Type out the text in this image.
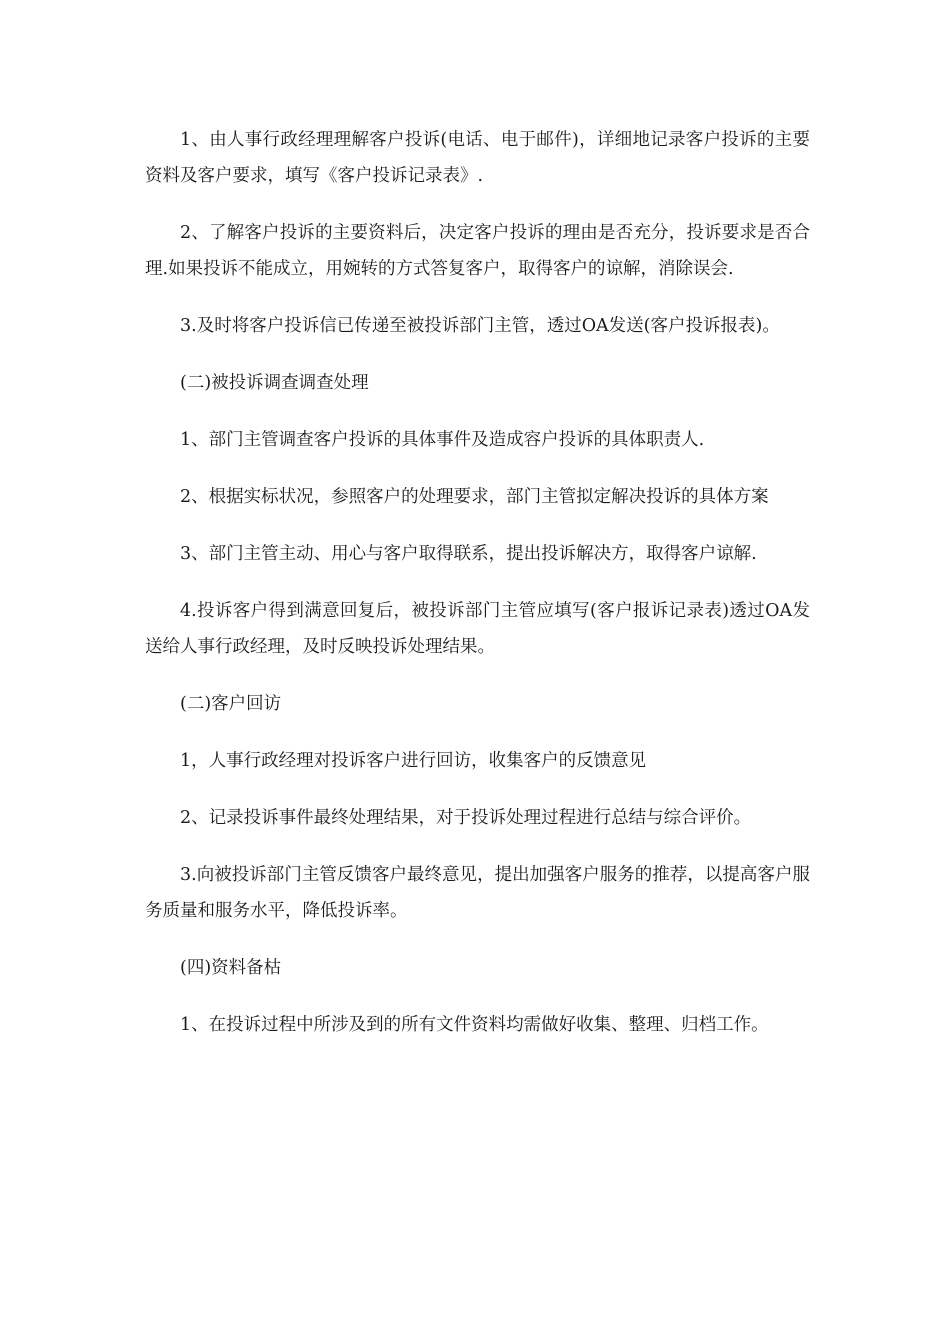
1、由人事行政经理理解客户投诉(电话、电于邮件)，详细地记录客户投诉的主要资料及客户要求，填写《客户投诉记录表》.

2、了解客户投诉的主要资料后，决定客户投诉的理由是否充分，投诉要求是否合理.如果投诉不能成立，用婉转的方式答复客户，取得客户的谅解，消除误会.

3.及时将客户投诉信已传递至被投诉部门主管，透过OA发送(客户投诉报表)。

(二)被投诉调查调查处理

1、部门主管调查客户投诉的具体事件及造成容户投诉的具体职责人.

2、根据实标状况，参照客户的处理要求，部门主管拟定解决投诉的具体方案

3、部门主管主动、用心与客户取得联系，提出投诉解决方，取得客户谅解.

4.投诉客户得到满意回复后，被投诉部门主管应填写(客户报诉记录表)透过OA发送给人事行政经理，及时反映投诉处理结果。

(二)客户回访

1，人事行政经理对投诉客户进行回访，收集客户的反馈意见

2、记录投诉事件最终处理结果，对于投诉处理过程进行总结与综合评价。

3.向被投诉部门主管反馈客户最终意见，提出加强客户服务的推荐，以提高客户服务质量和服务水平，降低投诉率。

(四)资料备枯

1、在投诉过程中所涉及到的所有文件资料均需做好收集、整理、归档工作。
